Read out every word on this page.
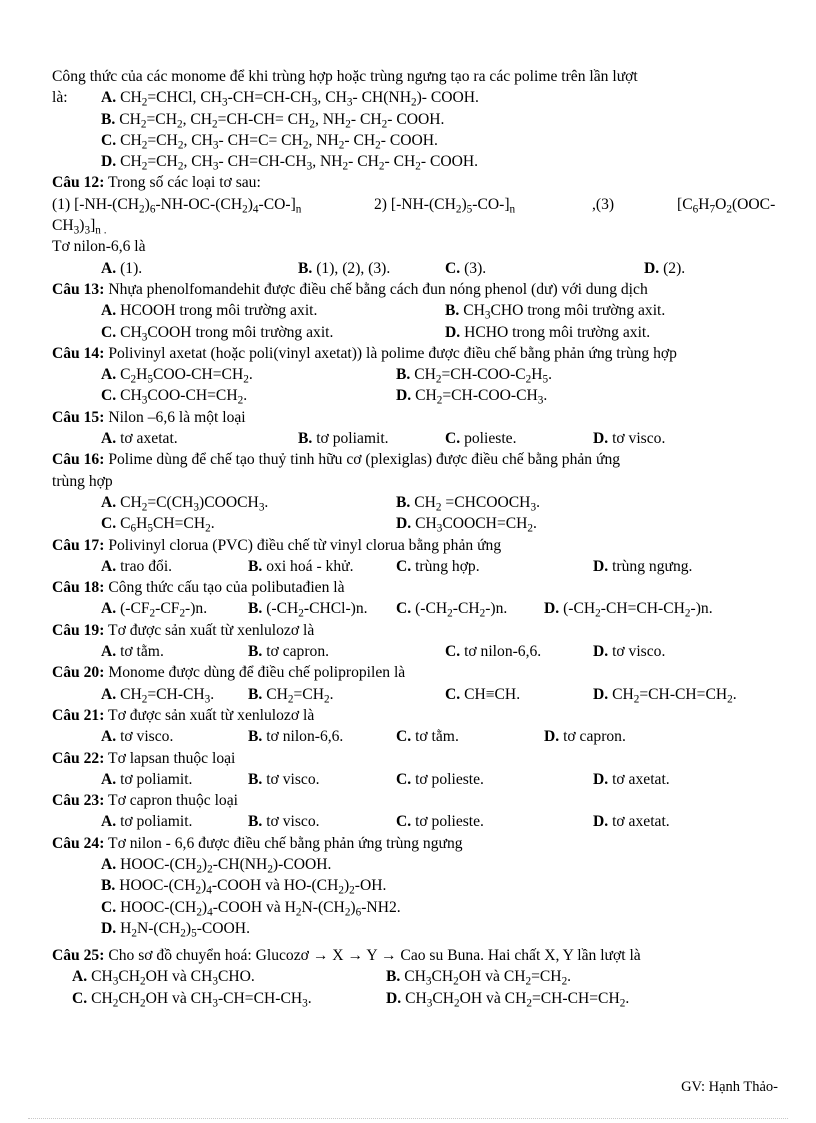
Công thức của các monome để khi trùng hợp hoặc trùng ngưng tạo ra các polime trên lần lượt
là: A. $CH_2=CHCl$, $CH_3-CH=CH-CH_3$, $CH_3-$ $CH(NH_2)-$ COOH.
B. $CH_2=CH_2$, $CH_2=CH-CH= CH_2$, $NH_2-$ $CH_2-$ COOH.
C. $CH_2=CH_2$, $CH_3-$ $CH=C= CH_2$, $NH_2-$ $CH_2-$ COOH.
D. $CH_2=CH_2$, $CH_3-$ $CH=CH-CH_3$, $NH_2-$ $CH_2-$ $CH_2-$ COOH.
Câu 12: Trong số các loại tơ sau:
(1) $[-NH-(CH_2)_6-NH-OC-(CH_2)_4-CO-]_n$	2) $[-NH-(CH_2)_5-CO-]_n$	,(3)	[$C_6H_7O_2(OOC-$
$CH_3)_3]_{n .}$
Tơ nilon-6,6 là
A. (1).	B. (1), (2), (3).	C. (3).	D. (2).
Câu 13: Nhựa phenolfomandehit được điều chế bằng cách đun nóng phenol (dư) với dung dịch
A. HCOOH trong môi trường axit.	B. $CH_3CHO$ trong môi trường axit.
C. $CH_3COOH$ trong môi trường axit.	D. HCHO trong môi trường axit.
Câu 14: Polivinyl axetat (hoặc poli(vinyl axetat)) là polime được điều chế bằng phản ứng trùng hợp
A. $C_2H_5COO-CH=CH_2$.	B. $CH_2=CH-COO-C_2H_5$.
C. $CH_3COO-CH=CH_2$.	D. $CH_2=CH-COO-CH_3$.
Câu 15: Nilon –6,6 là một loại
A. tơ axetat.	B. tơ poliamit.	C. polieste.	D. tơ visco.
Câu 16: Polime dùng để chế tạo thuỷ tinh hữu cơ (plexiglas) được điều chế bằng phản ứng
trùng hợp
A. $CH_2=C(CH_3)COOCH_3$.	B. $CH_2$ $=CHCOOCH_3$.
C. $C_6H_5CH=CH_2$.	D. $CH_3COOCH=CH_2$.
Câu 17: Polivinyl clorua (PVC) điều chế từ vinyl clorua bằng phản ứng
A. trao đổi.	B. oxi hoá - khử.	C. trùng hợp.	D. trùng ngưng.
Câu 18: Công thức cấu tạo của polibutađien là
A. $(-CF_2-CF_2-)n$.	B. $(-CH_2-CHCl-)n$. C. $(-CH_2-CH_2-)n$. D. $(-CH_2-CH=CH-CH_2-)n$.
Câu 19: Tơ được sản xuất từ xenlulozơ là
A. tơ tằm.	B. tơ capron.	C. tơ nilon-6,6.	D. tơ visco.
Câu 20: Monome được dùng để điều chế polipropilen là
A. $CH_2=CH-CH_3$. B. $CH_2=CH_2$.	C. CH≡CH.	D. $CH_2=CH-CH=CH_2$.
Câu 21: Tơ được sản xuất từ xenlulozơ là
A. tơ visco.	B. tơ nilon-6,6.	C. tơ tằm.	D. tơ capron.
Câu 22: Tơ lapsan thuộc loại
A. tơ poliamit.	B. tơ visco.	C. tơ polieste.	D. tơ axetat.
Câu 23: Tơ capron thuộc loại
A. tơ poliamit.	B. tơ visco.	C. tơ polieste.	D. tơ axetat.
Câu 24: Tơ nilon - 6,6 được điều chế bằng phản ứng trùng ngưng
A. HOOC-$(CH_2)_2-CH(NH_2)$-COOH.
B. HOOC-$(CH_2)_4$-COOH và $HO-(CH_2)_2-OH$.
C. HOOC-$(CH_2)_4$-COOH và $H_2N-(CH_2)_6-NH2$.
D. $H_2N-(CH_2)_5$-COOH.
Câu 25: Cho sơ đồ chuyển hoá: Glucozơ → X → Y → Cao su Buna. Hai chất X, Y lần lượt là
A. $CH_3CH_2OH$ và $CH_3CHO$.	B. $CH_3CH_2OH$ và $CH_2=CH_2$.
C. $CH_2CH_2OH$ và $CH_3-CH=CH-CH_3$.	D. $CH_3CH_2OH$ và $CH_2=CH-CH=CH_2$.
GV: Hạnh Thảo-
